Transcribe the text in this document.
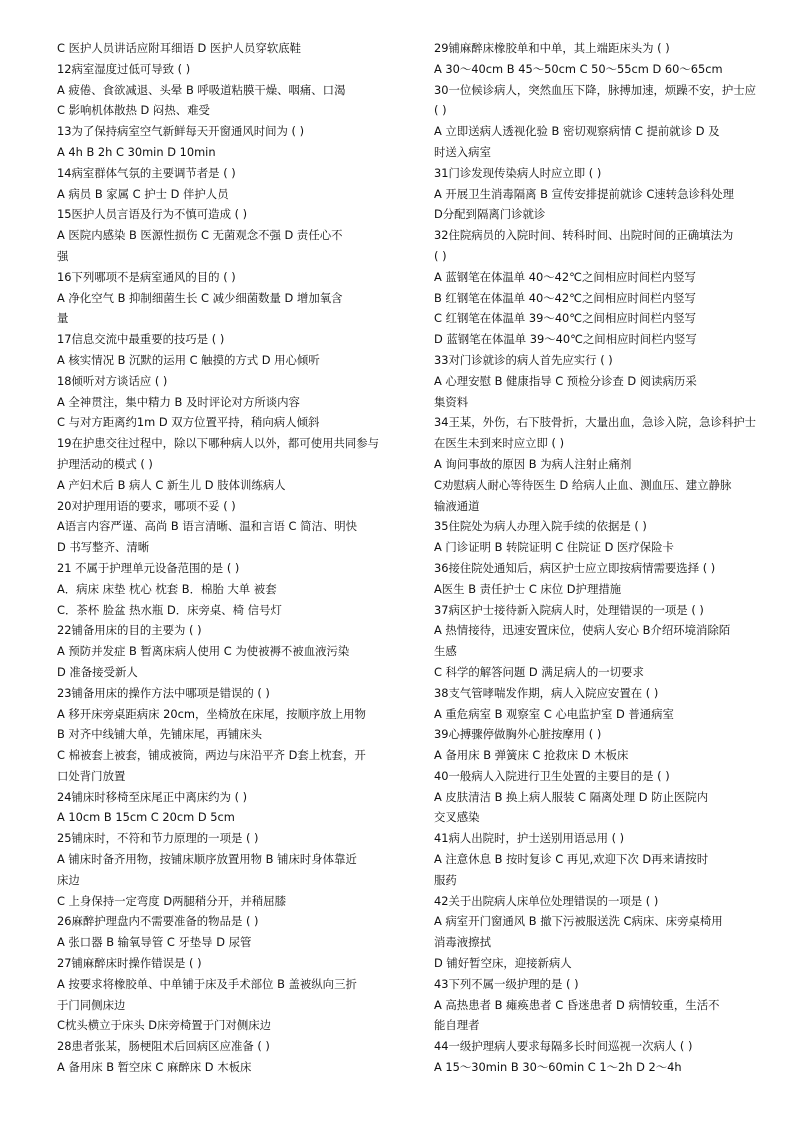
C 医护人员讲话应附耳细语 D 医护人员穿软底鞋
12病室湿度过低可导致 ( )
A 疲倦、食欲减退、头晕 B 呼吸道粘膜干燥、咽痛、口渴
C 影响机体散热 D 闷热、难受
13为了保持病室空气新鲜每天开窗通风时间为 ( )
A 4h B 2h C 30min D 10min
14病室群体气氛的主要调节者是 ( )
A 病员 B 家属 C 护士 D 伴护人员
15医护人员言语及行为不慎可造成 ( )
A 医院内感染 B 医源性损伤 C 无菌观念不强 D 责任心不
强
16下列哪项不是病室通风的目的 ( )
A 净化空气 B 抑制细菌生长 C 减少细菌数量 D 增加氧含
量
17信息交流中最重要的技巧是 ( )
A 核实情况 B 沉默的运用 C 触摸的方式 D 用心倾听
18倾听对方谈话应 ( )
A 全神贯注，集中精力 B 及时评论对方所谈内容
C 与对方距离约1m D 双方位置平持，稍向病人倾斜
19在护患交往过程中，除以下哪种病人以外，都可使用共同参与
护理活动的模式 ( )
A 产妇术后 B 病人 C 新生儿 D 肢体训练病人
20对护理用语的要求，哪项不妥 ( )
A语言内容严谨、高尚 B 语言清晰、温和言语 C 简洁、明快
D 书写整齐、清晰
21 不属于护理单元设备范围的是 ( )
A．病床 床垫 枕心 枕套 B．棉胎 大单 被套
C．茶杯 脸盆 热水瓶 D．床旁桌、椅 信号灯
22铺备用床的目的主要为 ( )
A 预防并发症 B 暂离床病人使用 C 为使被褥不被血液污染
D 准备接受新人
23铺备用床的操作方法中哪项是错误的 ( )
A 移开床旁桌距病床 20cm，坐椅放在床尾，按顺序放上用物
B 对齐中线铺大单，先铺床尾，再铺床头
C 棉被套上被套，铺成被筒，两边与床沿平齐 D套上枕套，开
口处背门放置
24铺床时移椅至床尾正中离床约为 ( )
A 10cm B 15cm C 20cm D 5cm
25铺床时，不符和节力原理的一项是 ( )
A 铺床时备齐用物，按铺床顺序放置用物 B 铺床时身体靠近
床边
C 上身保持一定弯度 D两腿稍分开，并稍屈膝
26麻醉护理盘内不需要准备的物品是 ( )
A 张口器 B 输氧导管 C 牙垫导 D 尿管
27铺麻醉床时操作错误是 ( )
A 按要求将橡胶单、中单铺于床及手术部位 B 盖被纵向三折
于门同侧床边
C枕头横立于床头 D床旁椅置于门对侧床边
28患者张某，肠梗阻术后回病区应准备 ( )
A 备用床 B 暂空床 C 麻醉床 D 木板床
29铺麻醉床橡胶单和中单，其上端距床头为 ( )
A 30～40cm B 45～50cm C 50～55cm D 60～65cm
30一位候诊病人，突然血压下降，脉搏加速，烦躁不安，护士应
( )
A 立即送病人透视化验 B 密切观察病情 C 提前就诊 D 及
时送入病室
31门诊发现传染病人时应立即 ( )
A 开展卫生消毒隔离 B 宣传安排提前就诊 C速转急诊科处理
D分配到隔离门诊就诊
32住院病员的入院时间、转科时间、出院时间的正确填法为
( )
A 蓝钢笔在体温单 40～42℃之间相应时间栏内竖写
B 红钢笔在体温单 40～42℃之间相应时间栏内竖写
C 红钢笔在体温单 39～40℃之间相应时间栏内竖写
D 蓝钢笔在体温单 39～40℃之间相应时间栏内竖写
33对门诊就诊的病人首先应实行 ( )
A 心理安慰 B 健康指导 C 预检分诊查 D 阅读病历采
集资料
34王某，外伤，右下肢骨折，大量出血，急诊入院，急诊科护士
在医生未到来时应立即 ( )
A 询问事故的原因 B 为病人注射止痛剂
C劝慰病人耐心等待医生 D 给病人止血、测血压、建立静脉
输液通道
35住院处为病人办理入院手续的依据是 ( )
A 门诊证明 B 转院证明 C 住院证 D 医疗保险卡
36接住院处通知后，病区护士应立即按病情需要选择 ( )
A医生 B 责任护士 C 床位 D护理措施
37病区护士接待新入院病人时，处理错误的一项是 ( )
A 热情接待，迅速安置床位，使病人安心 B介绍环境消除陌
生感
C 科学的解答问题 D 满足病人的一切要求
38支气管哮喘发作期，病人入院应安置在 ( )
A 重危病室 B 观察室 C 心电监护室 D 普通病室
39心搏骤停做胸外心脏按摩用 ( )
A 备用床 B 弹簧床 C 抢救床 D 木板床
40一般病人入院进行卫生处置的主要目的是 ( )
A 皮肤清洁 B 换上病人服装 C 隔离处理 D 防止医院内
交叉感染
41病人出院时，护士送别用语忌用 ( )
A 注意休息 B 按时复诊 C 再见,欢迎下次 D再来请按时
服药
42关于出院病人床单位处理错误的一项是 ( )
A 病室开门窗通风 B 撤下污被服送洗 C病床、床旁桌椅用
消毒液擦拭
D 铺好暂空床，迎接新病人
43下列不属一级护理的是 ( )
A 高热患者 B 瘫痪患者 C 昏迷患者 D 病情较重，生活不
能自理者
44一级护理病人要求每隔多长时间巡视一次病人 ( )
A 15～30min B 30～60min C 1～2h D 2～4h
